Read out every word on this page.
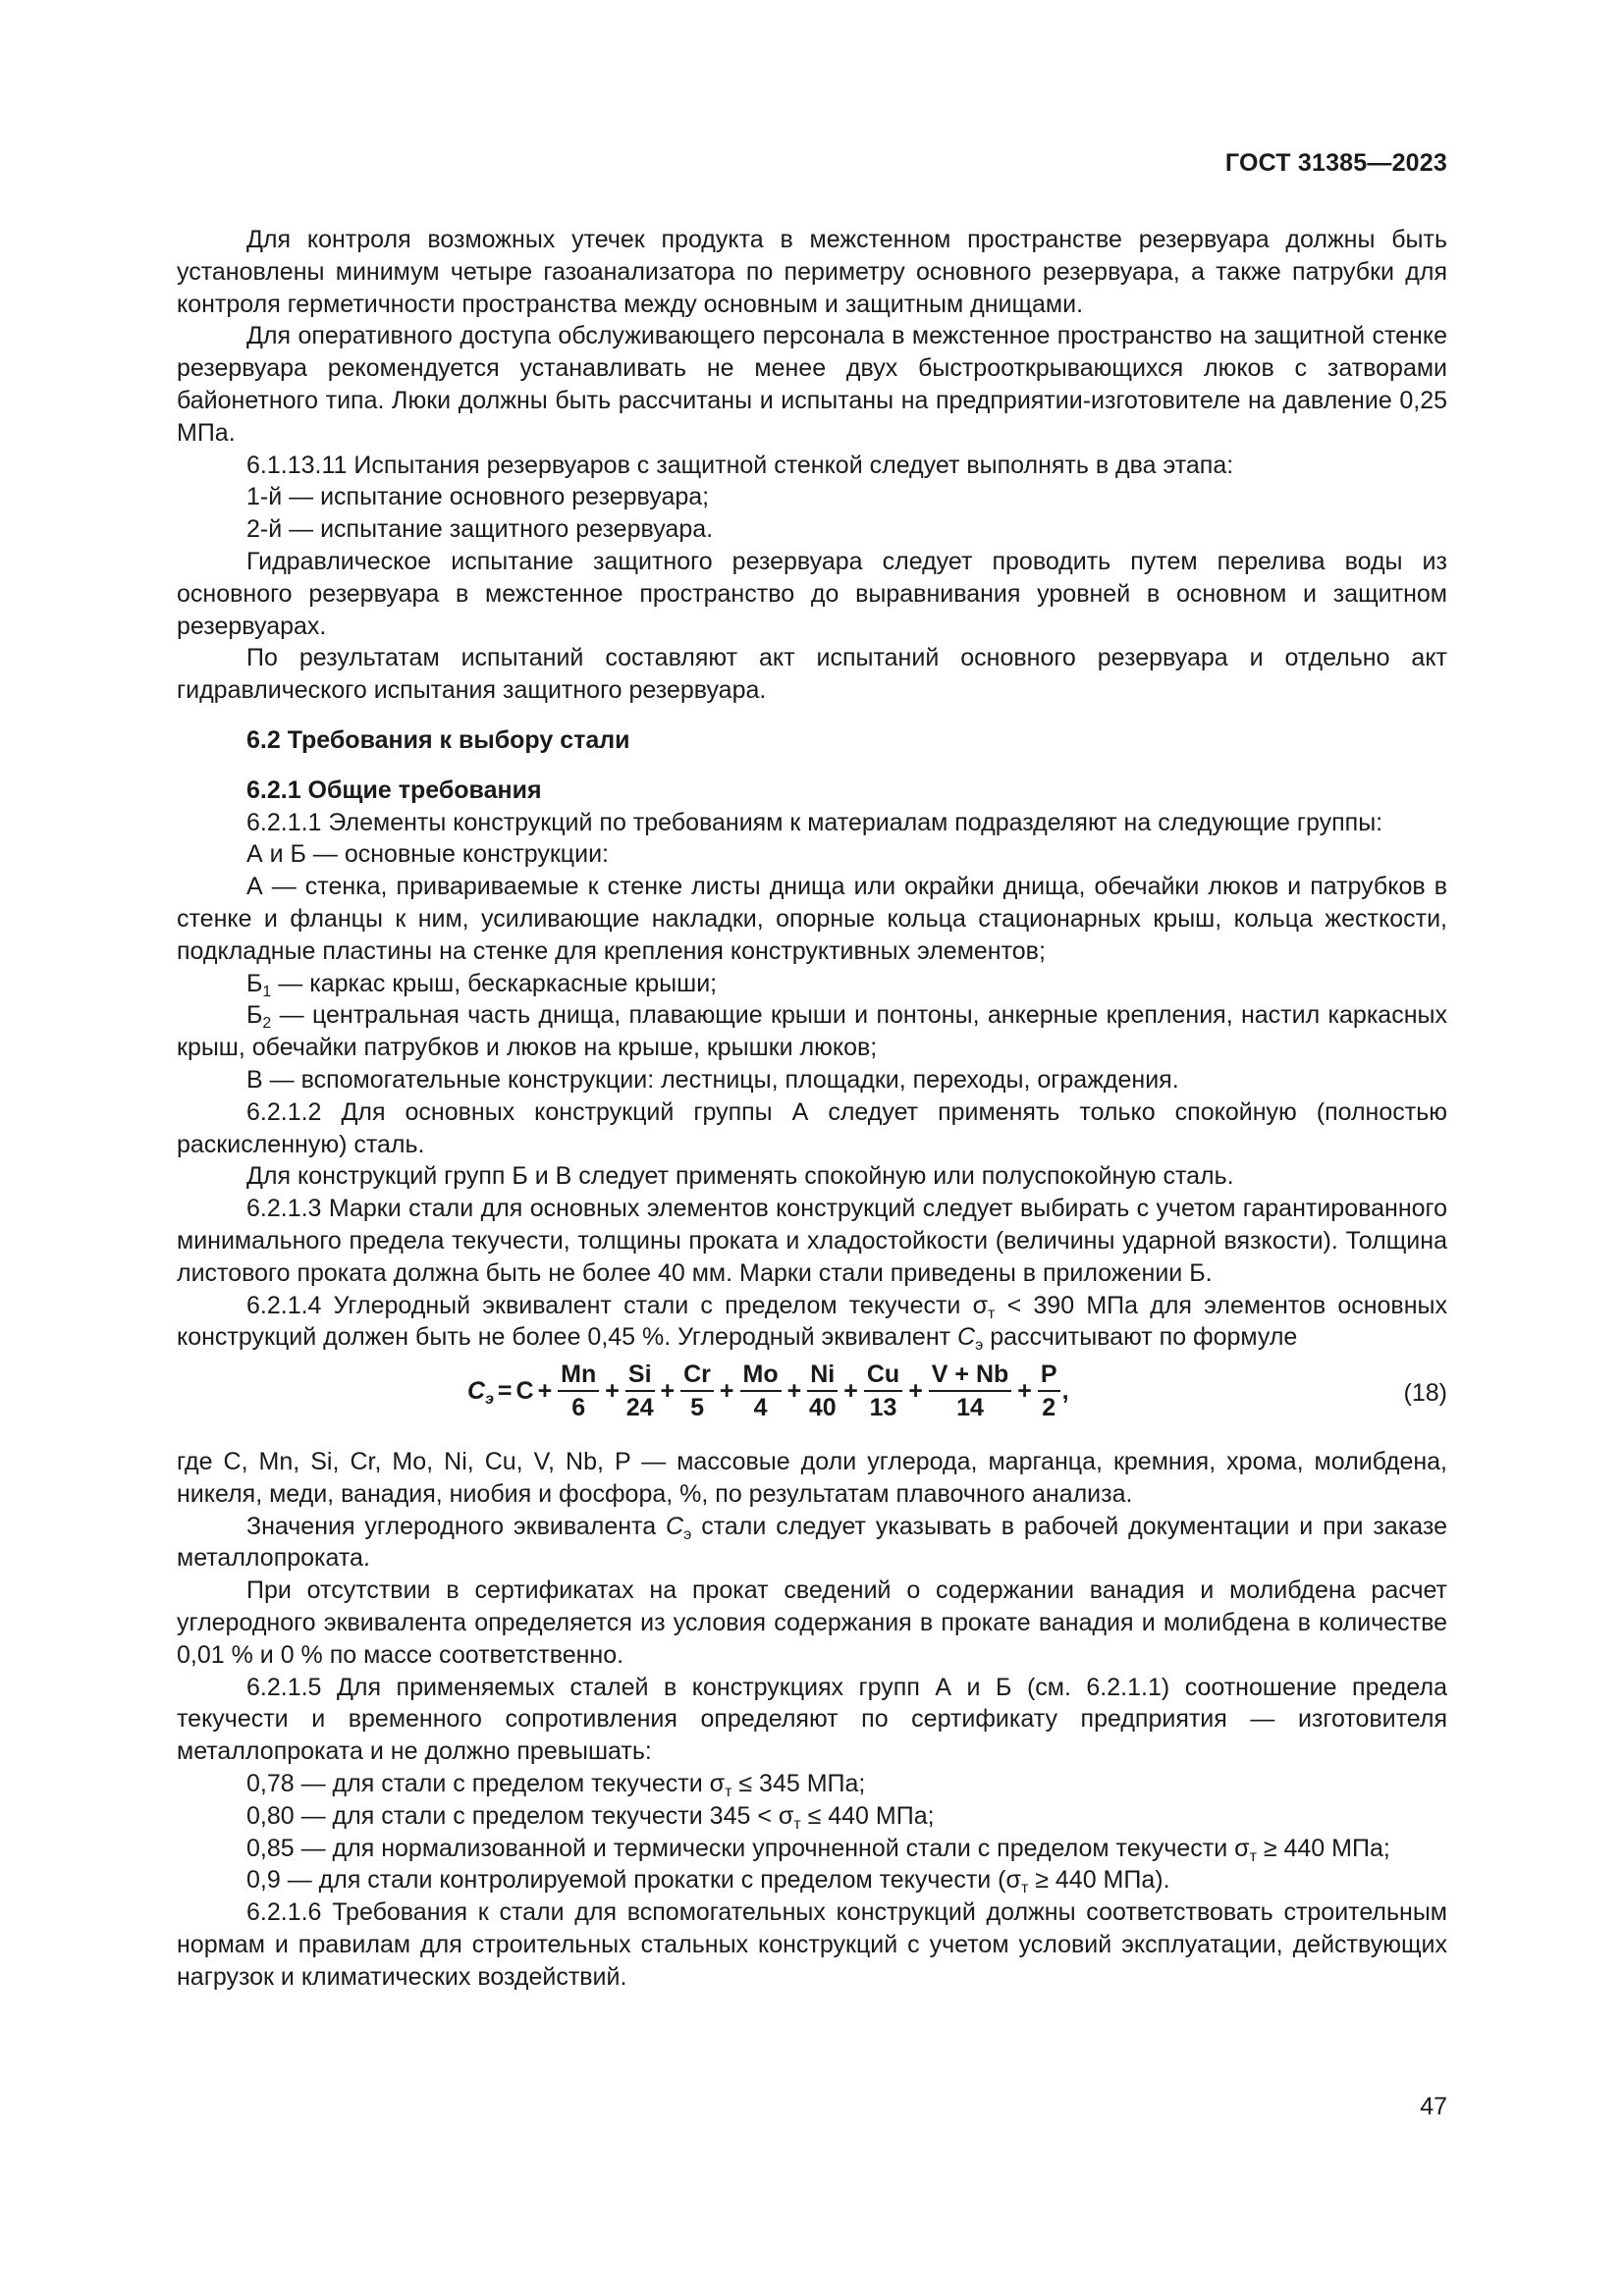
ГОСТ 31385—2023

Для контроля возможных утечек продукта в межстенном пространстве резервуара должны быть установлены минимум четыре газоанализатора по периметру основного резервуара, а также патрубки для контроля герметичности пространства между основным и защитным днищами.

Для оперативного доступа обслуживающего персонала в межстенное пространство на защитной стенке резервуара рекомендуется устанавливать не менее двух быстрооткрывающихся люков с затворами байонетного типа. Люки должны быть рассчитаны и испытаны на предприятии-изготовителе на давление 0,25 МПа.

6.1.13.11 Испытания резервуаров с защитной стенкой следует выполнять в два этапа:

1-й — испытание основного резервуара;

2-й — испытание защитного резервуара.

Гидравлическое испытание защитного резервуара следует проводить путем перелива воды из основного резервуара в межстенное пространство до выравнивания уровней в основном и защитном резервуарах.

По результатам испытаний составляют акт испытаний основного резервуара и отдельно акт гидравлического испытания защитного резервуара.

6.2 Требования к выбору стали
6.2.1 Общие требования

6.2.1.1 Элементы конструкций по требованиям к материалам подразделяют на следующие группы:

А и Б — основные конструкции:

А — стенка, привариваемые к стенке листы днища или окрайки днища, обечайки люков и патрубков в стенке и фланцы к ним, усиливающие накладки, опорные кольца стационарных крыш, кольца жесткости, подкладные пластины на стенке для крепления конструктивных элементов;

$Б_1$ — каркас крыш, бескаркасные крыши;

$Б_2$ — центральная часть днища, плавающие крыши и понтоны, анкерные крепления, настил каркасных крыш, обечайки патрубков и люков на крыше, крышки люков;

В — вспомогательные конструкции: лестницы, площадки, переходы, ограждения.

6.2.1.2 Для основных конструкций группы А следует применять только спокойную (полностью раскисленную) сталь.

Для конструкций групп Б и В следует применять спокойную или полуспокойную сталь.

6.2.1.3 Марки стали для основных элементов конструкций следует выбирать с учетом гарантированного минимального предела текучести, толщины проката и хладостойкости (величины ударной вязкости). Толщина листового проката должна быть не более 40 мм. Марки стали приведены в приложении Б.

6.2.1.4 Углеродный эквивалент стали с пределом текучести $\sigma_т < 390$ МПа для элементов основных конструкций должен быть не более 0,45 %. Углеродный эквивалент $С_э$ рассчитывают по формуле

$С_э = C + \frac{Mn}{6} + \frac{Si}{24} + \frac{Cr}{5} + \frac{Mo}{4} + \frac{Ni}{40} + \frac{Cu}{13} + \frac{V + Nb}{14} + \frac{P}{2}$ ,	(18)

где C, Mn, Si, Cr, Mo, Ni, Cu, V, Nb, P — массовые доли углерода, марганца, кремния, хрома, молибдена, никеля, меди, ванадия, ниобия и фосфора, %, по результатам плавочного анализа.

Значения углеродного эквивалента $С_э$ стали следует указывать в рабочей документации и при заказе металлопроката.

При отсутствии в сертификатах на прокат сведений о содержании ванадия и молибдена расчет углеродного эквивалента определяется из условия содержания в прокате ванадия и молибдена в количестве 0,01 % и 0 % по массе соответственно.

6.2.1.5 Для применяемых сталей в конструкциях групп А и Б (см. 6.2.1.1) соотношение предела текучести и временного сопротивления определяют по сертификату предприятия — изготовителя металлопроката и не должно превышать:

0,78 — для стали с пределом текучести $\sigma_т \le 345$ МПа;

0,80 — для стали с пределом текучести $345 < \sigma_т \le 440$ МПа;

0,85 — для нормализованной и термически упрочненной стали с пределом текучести $\sigma_т \ge 440$ МПа;

0,9 — для стали контролируемой прокатки с пределом текучести ($\sigma_т \ge 440$ МПа).

6.2.1.6 Требования к стали для вспомогательных конструкций должны соответствовать строительным нормам и правилам для строительных стальных конструкций с учетом условий эксплуатации, действующих нагрузок и климатических воздействий.

47
